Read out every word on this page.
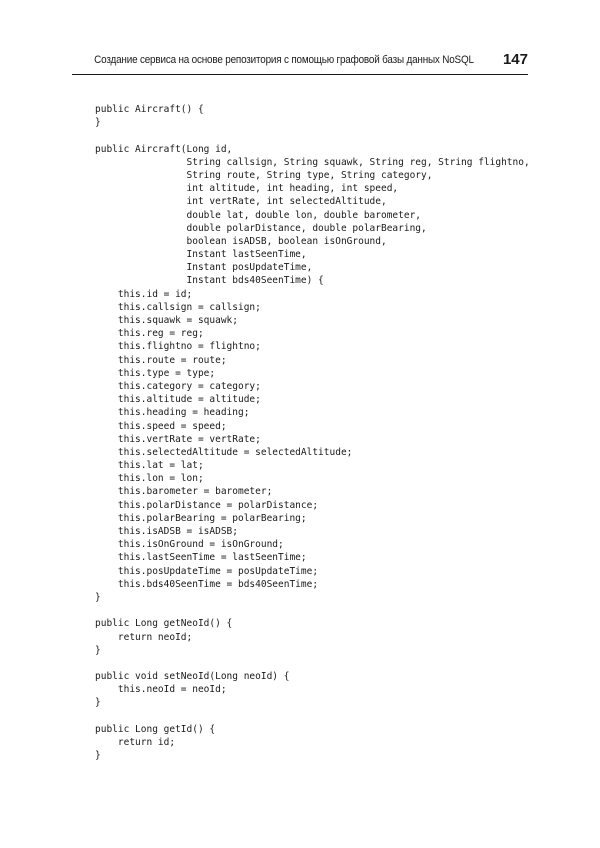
Создание сервиса на основе репозитория с помощью графовой базы данных NoSQL 147
public Aircraft() {
}
public Aircraft(Long id,
String callsign, String squawk, String reg, String flightno,
String route, String type, String category,
int altitude, int heading, int speed,
int vertRate, int selectedAltitude,
double lat, double lon, double barometer,
double polarDistance, double polarBearing,
boolean isADSB, boolean isOnGround,
Instant lastSeenTime,
Instant posUpdateTime,
Instant bds40SeenTime) {
this.id = id;
this.callsign = callsign;
this.squawk = squawk;
this.reg = reg;
this.flightno = flightno;
this.route = route;
this.type = type;
this.category = category;
this.altitude = altitude;
this.heading = heading;
this.speed = speed;
this.vertRate = vertRate;
this.selectedAltitude = selectedAltitude;
this.lat = lat;
this.lon = lon;
this.barometer = barometer;
this.polarDistance = polarDistance;
this.polarBearing = polarBearing;
this.isADSB = isADSB;
this.isOnGround = isOnGround;
this.lastSeenTime = lastSeenTime;
this.posUpdateTime = posUpdateTime;
this.bds40SeenTime = bds40SeenTime;
}
public Long getNeoId() {
return neoId;
}
public void setNeoId(Long neoId) {
this.neoId = neoId;
}
public Long getId() {
return id;
}
